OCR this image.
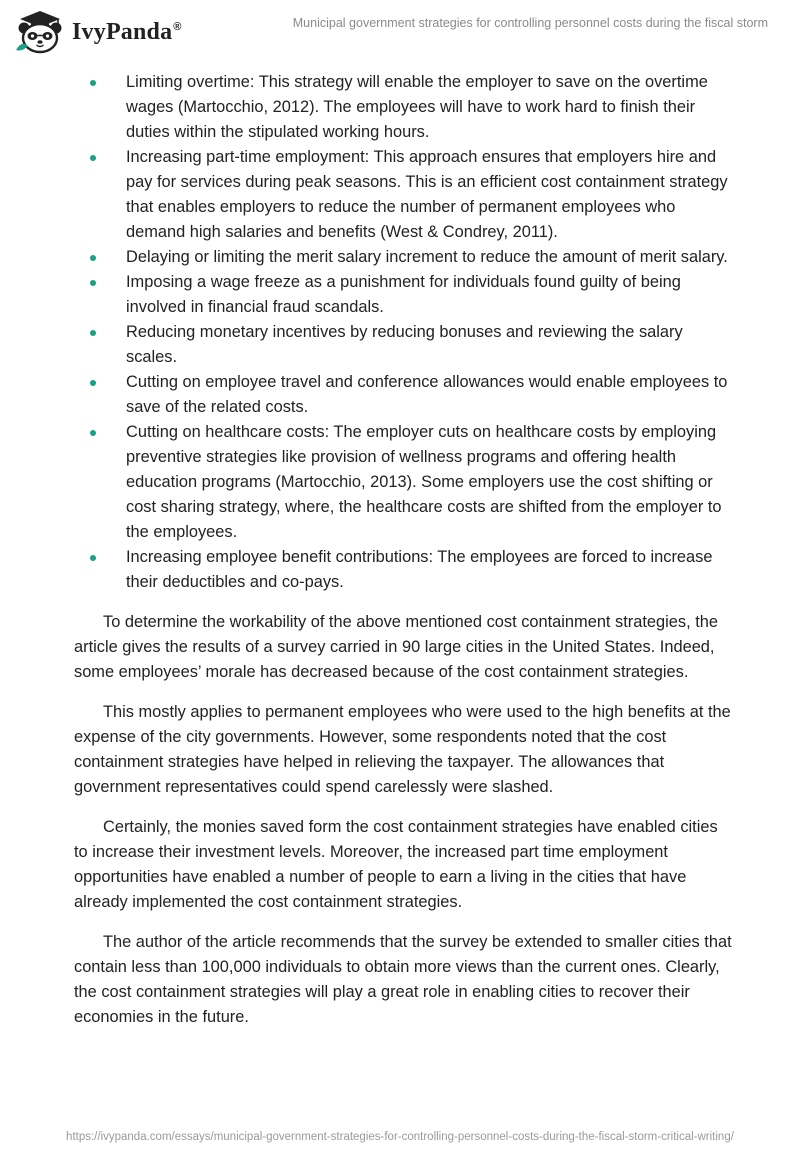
IvyPanda®	Municipal government strategies for controlling personnel costs during the fiscal storm
Limiting overtime: This strategy will enable the employer to save on the overtime wages (Martocchio, 2012). The employees will have to work hard to finish their duties within the stipulated working hours.
Increasing part-time employment: This approach ensures that employers hire and pay for services during peak seasons. This is an efficient cost containment strategy that enables employers to reduce the number of permanent employees who demand high salaries and benefits (West & Condrey, 2011).
Delaying or limiting the merit salary increment to reduce the amount of merit salary.
Imposing a wage freeze as a punishment for individuals found guilty of being involved in financial fraud scandals.
Reducing monetary incentives by reducing bonuses and reviewing the salary scales.
Cutting on employee travel and conference allowances would enable employees to save of the related costs.
Cutting on healthcare costs: The employer cuts on healthcare costs by employing preventive strategies like provision of wellness programs and offering health education programs (Martocchio, 2013). Some employers use the cost shifting or cost sharing strategy, where, the healthcare costs are shifted from the employer to the employees.
Increasing employee benefit contributions: The employees are forced to increase their deductibles and co-pays.

To determine the workability of the above mentioned cost containment strategies, the article gives the results of a survey carried in 90 large cities in the United States. Indeed, some employees’ morale has decreased because of the cost containment strategies.

This mostly applies to permanent employees who were used to the high benefits at the expense of the city governments. However, some respondents noted that the cost containment strategies have helped in relieving the taxpayer. The allowances that government representatives could spend carelessly were slashed.

Certainly, the monies saved form the cost containment strategies have enabled cities to increase their investment levels. Moreover, the increased part time employment opportunities have enabled a number of people to earn a living in the cities that have already implemented the cost containment strategies.

The author of the article recommends that the survey be extended to smaller cities that contain less than 100,000 individuals to obtain more views than the current ones. Clearly, the cost containment strategies will play a great role in enabling cities to recover their economies in the future.

https://ivypanda.com/essays/municipal-government-strategies-for-controlling-personnel-costs-during-the-fiscal-storm-critical-writing/
